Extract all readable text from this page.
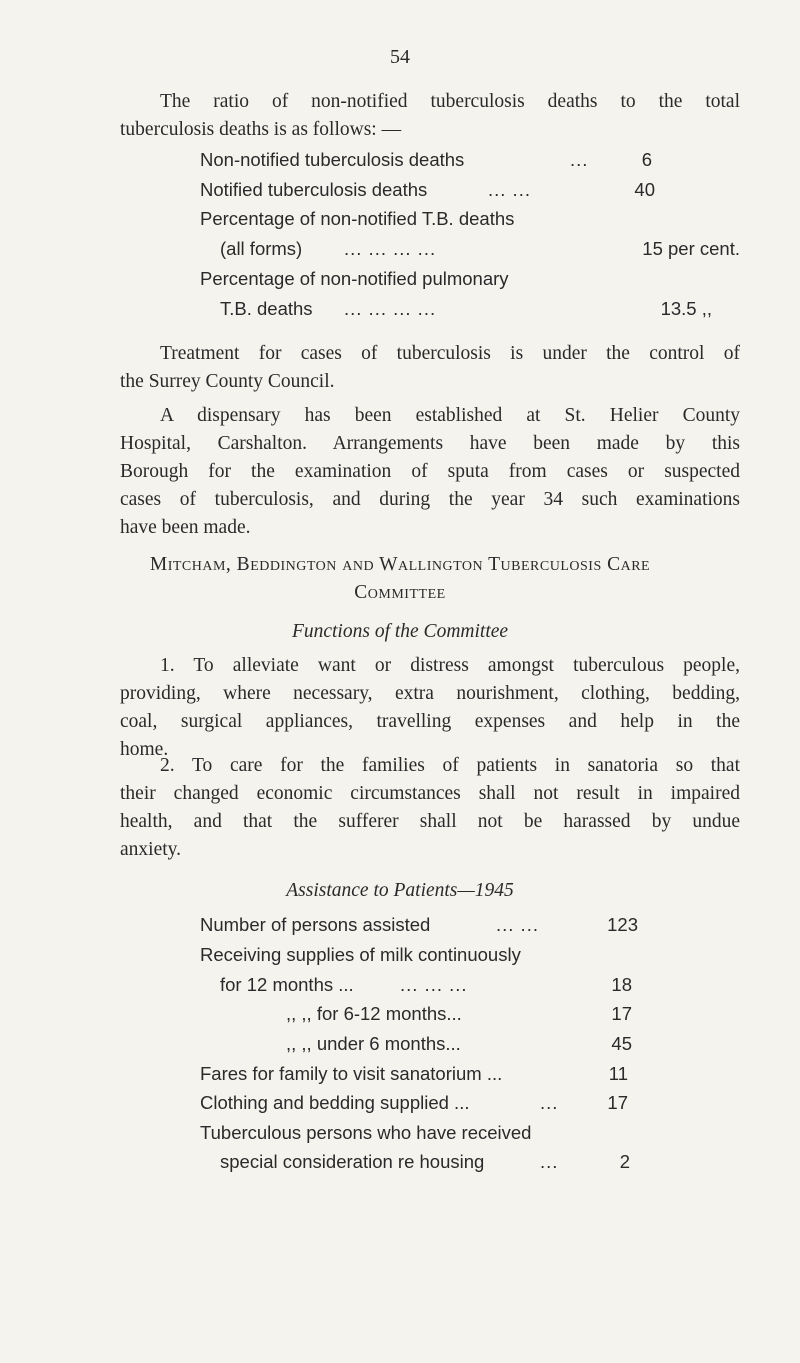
54
The ratio of non-notified tuberculosis deaths to the total
tuberculosis deaths is as follows: —
Non-notified tuberculosis deaths	...	6
Notified tuberculosis deaths	... ...	40
Percentage of non-notified T.B. deaths
(all forms) ... ... ... ...	15 per cent.
Percentage of non-notified pulmonary
T.B. deaths ... ... ... ...	13.5 ,,
Treatment for cases of tuberculosis is under the control of
the Surrey County Council.
A dispensary has been established at St. Helier County
Hospital, Carshalton. Arrangements have been made by this
Borough for the examination of sputa from cases or suspected
cases of tuberculosis, and during the year 34 such examinations
have been made.
Mitcham, Beddington and Wallington Tuberculosis Care
Committee
Functions of the Committee
1. To alleviate want or distress amongst tuberculous people,
providing, where necessary, extra nourishment, clothing, bedding,
coal, surgical appliances, travelling expenses and help in the
home.
2. To care for the families of patients in sanatoria so that
their changed economic circumstances shall not result in impaired
health, and that the sufferer shall not be harassed by undue
anxiety.
Assistance to Patients—1945
Number of persons assisted	... ...	123
Receiving supplies of milk continuously
for 12 months ...	... ... ...	18
,, ,, for 6-12 months...	17
,, ,, under 6 months...	45
Fares for family to visit sanatorium ...	11
Clothing and bedding supplied ...	...	17
Tuberculous persons who have received
special consideration re housing	...	2
